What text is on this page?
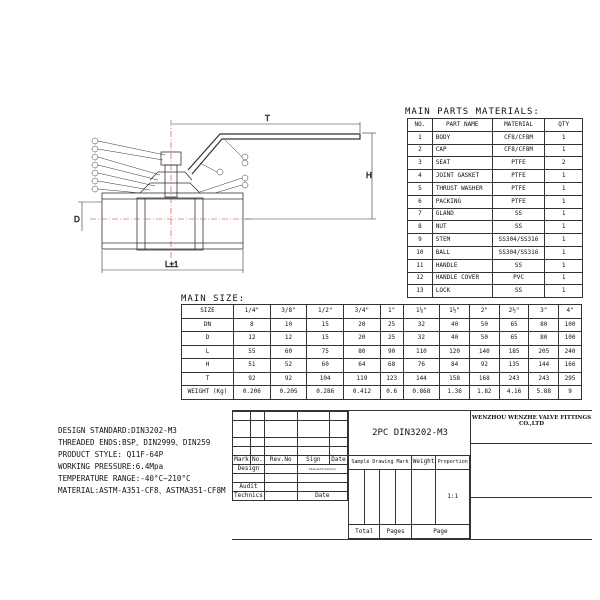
T
H
L±1
D
MAIN PARTS MATERIALS:
NO.	PART NAME	MATERIAL	QTY
1	BODY	CF8/CF8M	1
2	CAP	CF8/CF8M	1
3	SEAT	PTFE	2
4	JOINT GASKET	PTFE	1
5	THRUST WASHER	PTFE	1
6	PACKING	PTFE	1
7	GLAND	SS	1
8	NUT	SS	1
9	STEM	SS304/SS316	1
10	BALL	SS304/SS316	1
11	HANDLE	SS	1
12	HANDLE COVER	PVC	1
13	LOCK	SS	1
MAIN SIZE:
SIZE	1/4"	3/8"	1/2"	3/4"	1"	1¼"	1½"	2"	2½"	3"	4"
DN	8	10	15	20	25	32	40	50	65	80	100
D	12	12	15	20	25	32	40	50	65	80	100
L	55	60	75	80	90	110	120	140	185	205	240
H	51	52	60	64	68	76	84	92	135	144	166
T	92	92	104	119	123	144	158	168	243	243	295
WEIGHT (Kg)	0.206	0.205	0.286	0.412	0.6	0.868	1.36	1.82	4.16	5.88	9
DESIGN STANDARD:DIN3202-M3
THREADED ENDS:BSP、DIN2999、DIN259
PRODUCT STYLE: Q11F-64P
WORKING PRESSURE:6.4Mpa
TEMPERATURE RANGE:-40°C~210°C
MATERIAL:ASTM-A351-CF8、ASTMA351-CF8M

Mark	No.	Rev.No	Sign	Date
Design			Standardization	

Audit				
Technics			Date	
2PC DIN3202-M3
Sample Drawing Mark				Weight	Proportion
					1:1
Total		Pages		Page	
WENZHOU WENZHE VALVE FITTINGS CO.,LTD
